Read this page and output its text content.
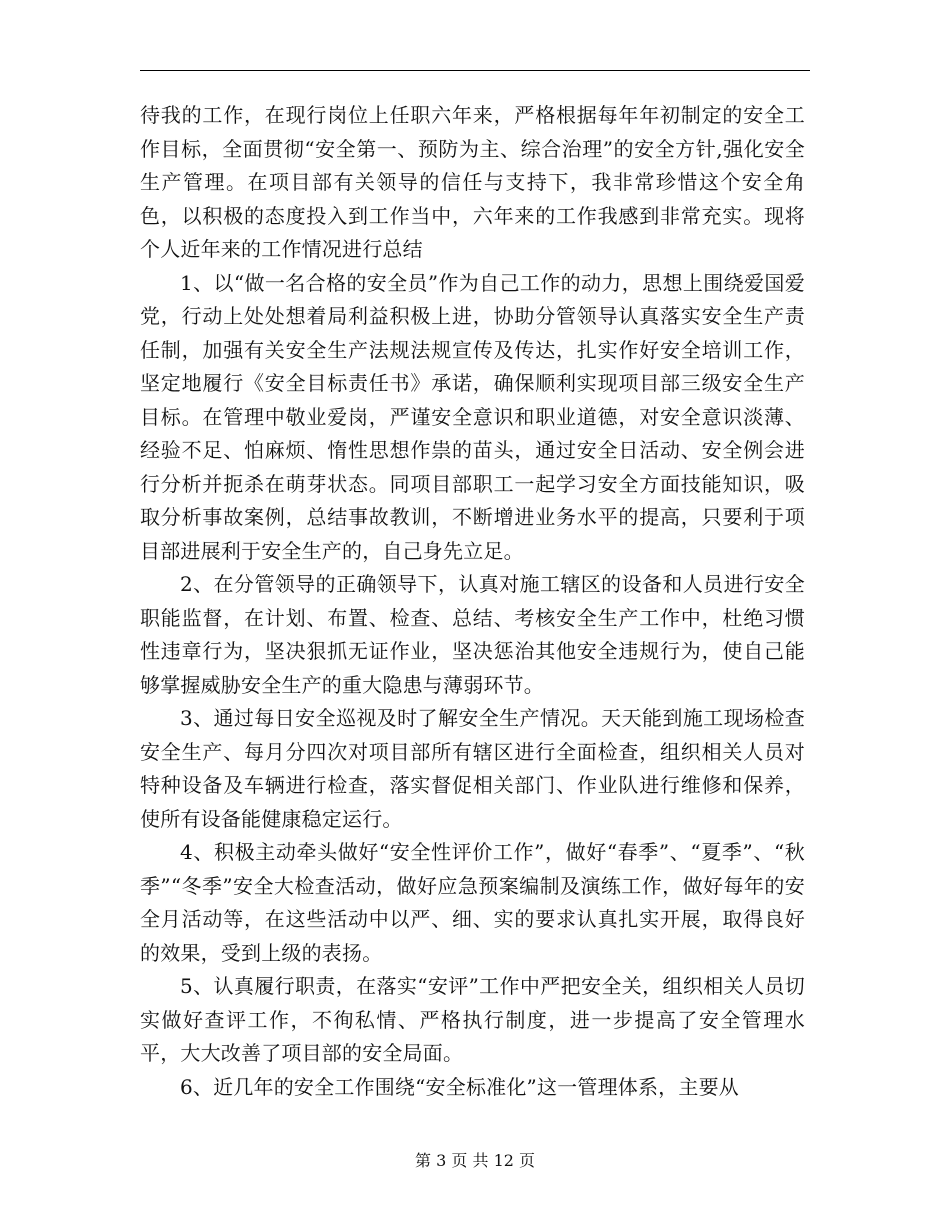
待我的工作，在现行岗位上任职六年来，严格根据每年年初制定的安全工作目标，全面贯彻“安全第一、预防为主、综合治理”的安全方针,强化安全生产管理。在项目部有关领导的信任与支持下，我非常珍惜这个安全角色，以积极的态度投入到工作当中，六年来的工作我感到非常充实。现将个人近年来的工作情况进行总结

1、以“做一名合格的安全员”作为自己工作的动力，思想上围绕爱国爱党，行动上处处想着局利益积极上进，协助分管领导认真落实安全生产责任制，加强有关安全生产法规法规宣传及传达，扎实作好安全培训工作，坚定地履行《安全目标责任书》承诺，确保顺利实现项目部三级安全生产目标。在管理中敬业爱岗，严谨安全意识和职业道德，对安全意识淡薄、经验不足、怕麻烦、惰性思想作祟的苗头，通过安全日活动、安全例会进行分析并扼杀在萌芽状态。同项目部职工一起学习安全方面技能知识，吸取分析事故案例，总结事故教训，不断增进业务水平的提高，只要利于项目部进展利于安全生产的，自己身先立足。

2、在分管领导的正确领导下，认真对施工辖区的设备和人员进行安全职能监督，在计划、布置、检查、总结、考核安全生产工作中，杜绝习惯性违章行为，坚决狠抓无证作业，坚决惩治其他安全违规行为，使自己能够掌握威胁安全生产的重大隐患与薄弱环节。

3、通过每日安全巡视及时了解安全生产情况。天天能到施工现场检查安全生产、每月分四次对项目部所有辖区进行全面检查，组织相关人员对特种设备及车辆进行检查，落实督促相关部门、作业队进行维修和保养，使所有设备能健康稳定运行。

4、积极主动牵头做好“安全性评价工作”，做好“春季”、“夏季”、“秋季”“冬季”安全大检查活动，做好应急预案编制及演练工作，做好每年的安全月活动等，在这些活动中以严、细、实的要求认真扎实开展，取得良好的效果，受到上级的表扬。

5、认真履行职责，在落实“安评”工作中严把安全关，组织相关人员切实做好查评工作，不徇私情、严格执行制度，进一步提高了安全管理水平，大大改善了项目部的安全局面。

6、近几年的安全工作围绕“安全标准化”这一管理体系，主要从

第 3 页 共 12 页
